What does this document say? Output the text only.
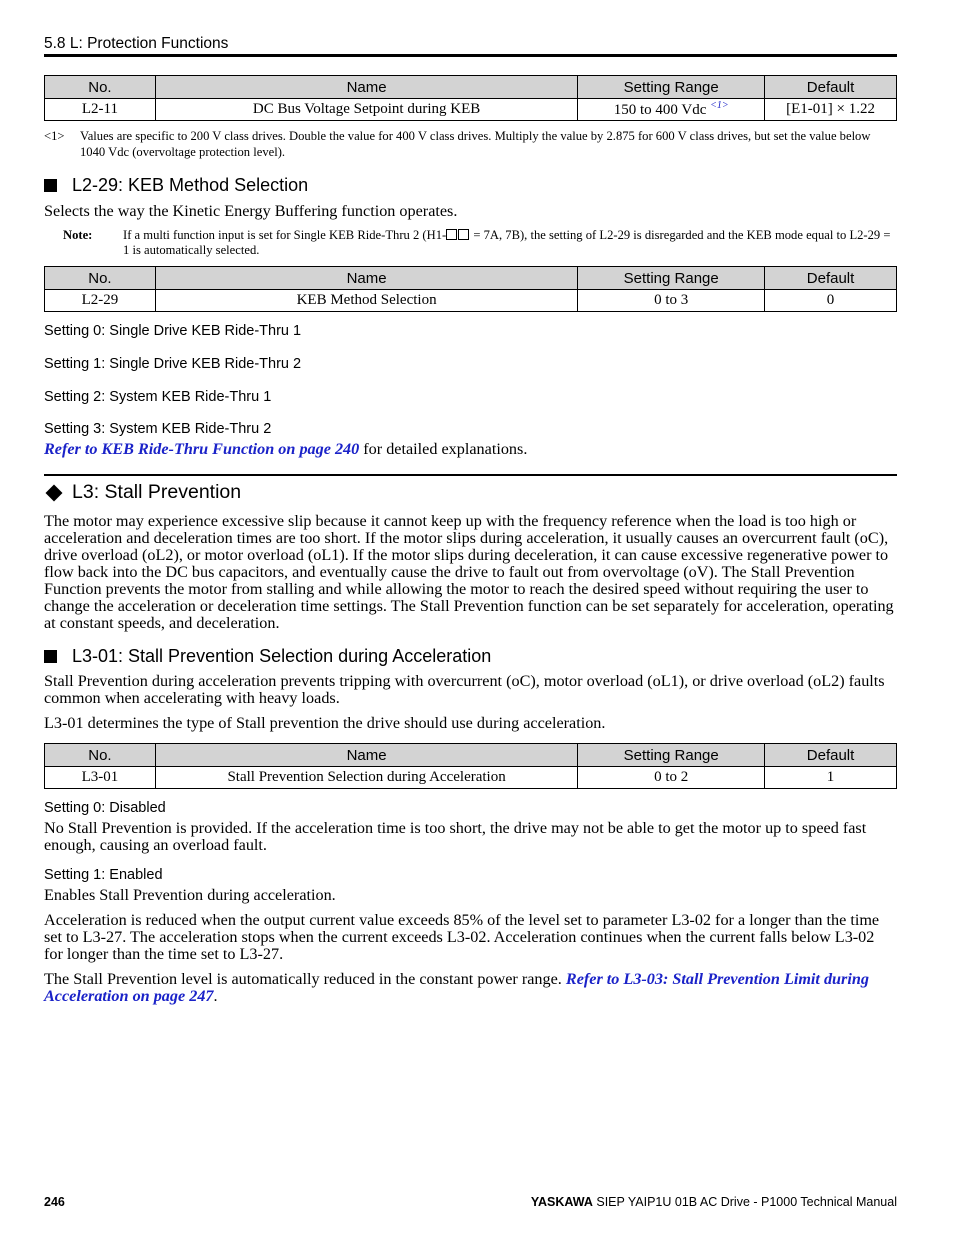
5.8 L: Protection Functions
No.	Name	Setting Range	Default
L2-11	DC Bus Voltage Setpoint during KEB	150 to 400 Vdc $^{<1>}$	[E1-01] × 1.22
<1> Values are specific to 200 V class drives. Double the value for 400 V class drives. Multiply the value by 2.875 for 600 V class drives, but set the value below 1040 Vdc (overvoltage protection level).
L2-29: KEB Method Selection
Selects the way the Kinetic Energy Buffering function operates.
Note: If a multi function input is set for Single KEB Ride-Thru 2 (H1- = 7A, 7B), the setting of L2-29 is disregarded and the KEB mode equal to L2-29 = 1 is automatically selected.
No.	Name	Setting Range	Default
L2-29	KEB Method Selection	0 to 3	0
Setting 0: Single Drive KEB Ride-Thru 1
Setting 1: Single Drive KEB Ride-Thru 2
Setting 2: System KEB Ride-Thru 1
Setting 3: System KEB Ride-Thru 2
Refer to KEB Ride-Thru Function on page 240 for detailed explanations.
L3: Stall Prevention
The motor may experience excessive slip because it cannot keep up with the frequency reference when the load is too high or acceleration and deceleration times are too short. If the motor slips during acceleration, it usually causes an overcurrent fault (oC), drive overload (oL2), or motor overload (oL1). If the motor slips during deceleration, it can cause excessive regenerative power to flow back into the DC bus capacitors, and eventually cause the drive to fault out from overvoltage (oV). The Stall Prevention Function prevents the motor from stalling and while allowing the motor to reach the desired speed without requiring the user to change the acceleration or deceleration time settings. The Stall Prevention function can be set separately for acceleration, operating at constant speeds, and deceleration.
L3-01: Stall Prevention Selection during Acceleration
Stall Prevention during acceleration prevents tripping with overcurrent (oC), motor overload (oL1), or drive overload (oL2) faults common when accelerating with heavy loads.
L3-01 determines the type of Stall prevention the drive should use during acceleration.
No.	Name	Setting Range	Default
L3-01	Stall Prevention Selection during Acceleration	0 to 2	1
Setting 0: Disabled
No Stall Prevention is provided. If the acceleration time is too short, the drive may not be able to get the motor up to speed fast enough, causing an overload fault.
Setting 1: Enabled
Enables Stall Prevention during acceleration.
Acceleration is reduced when the output current value exceeds 85% of the level set to parameter L3-02 for a longer than the time set to L3-27. The acceleration stops when the current exceeds L3-02. Acceleration continues when the current falls below L3-02 for longer than the time set to L3-27.
The Stall Prevention level is automatically reduced in the constant power range. Refer to L3-03: Stall Prevention Limit during Acceleration on page 247.
246	YASKAWA SIEP YAIP1U 01B AC Drive - P1000 Technical Manual
